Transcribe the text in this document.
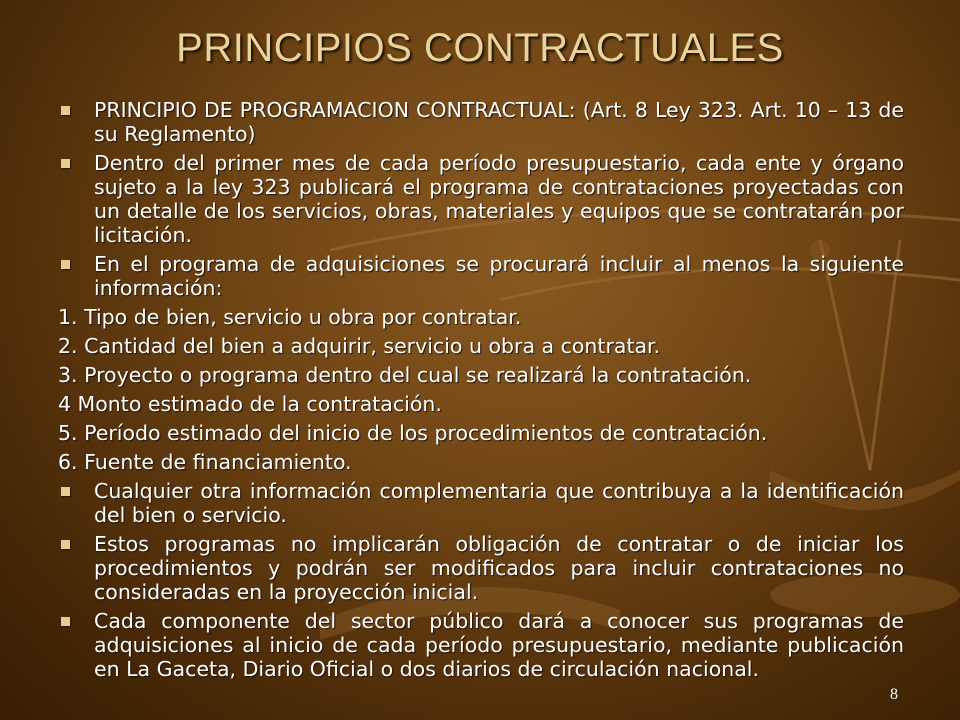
PRINCIPIOS CONTRACTUALES
PRINCIPIO DE PROGRAMACION CONTRACTUAL: (Art. 8 Ley 323. Art. 10 – 13 de su Reglamento)
Dentro del primer mes de cada período presupuestario, cada ente y órgano sujeto a la ley 323 publicará el programa de contrataciones proyectadas con un detalle de los servicios, obras, materiales y equipos que se contratarán por licitación.
En el programa de adquisiciones se procurará incluir al menos la siguiente información:
1. Tipo de bien, servicio u obra por contratar.
2. Cantidad del bien a adquirir, servicio u obra a contratar.
3. Proyecto o programa dentro del cual se realizará la contratación.
4 Monto estimado de la contratación.
5. Período estimado del inicio de los procedimientos de contratación.
6. Fuente de financiamiento.
Cualquier otra información complementaria que contribuya a la identificación del bien o servicio.
Estos programas no implicarán obligación de contratar o de iniciar los procedimientos y podrán ser modificados para incluir contrataciones no consideradas en la proyección inicial.
Cada componente del sector público dará a conocer sus programas de adquisiciones al inicio de cada período presupuestario, mediante publicación en La Gaceta, Diario Oficial o dos diarios de circulación nacional.
8
